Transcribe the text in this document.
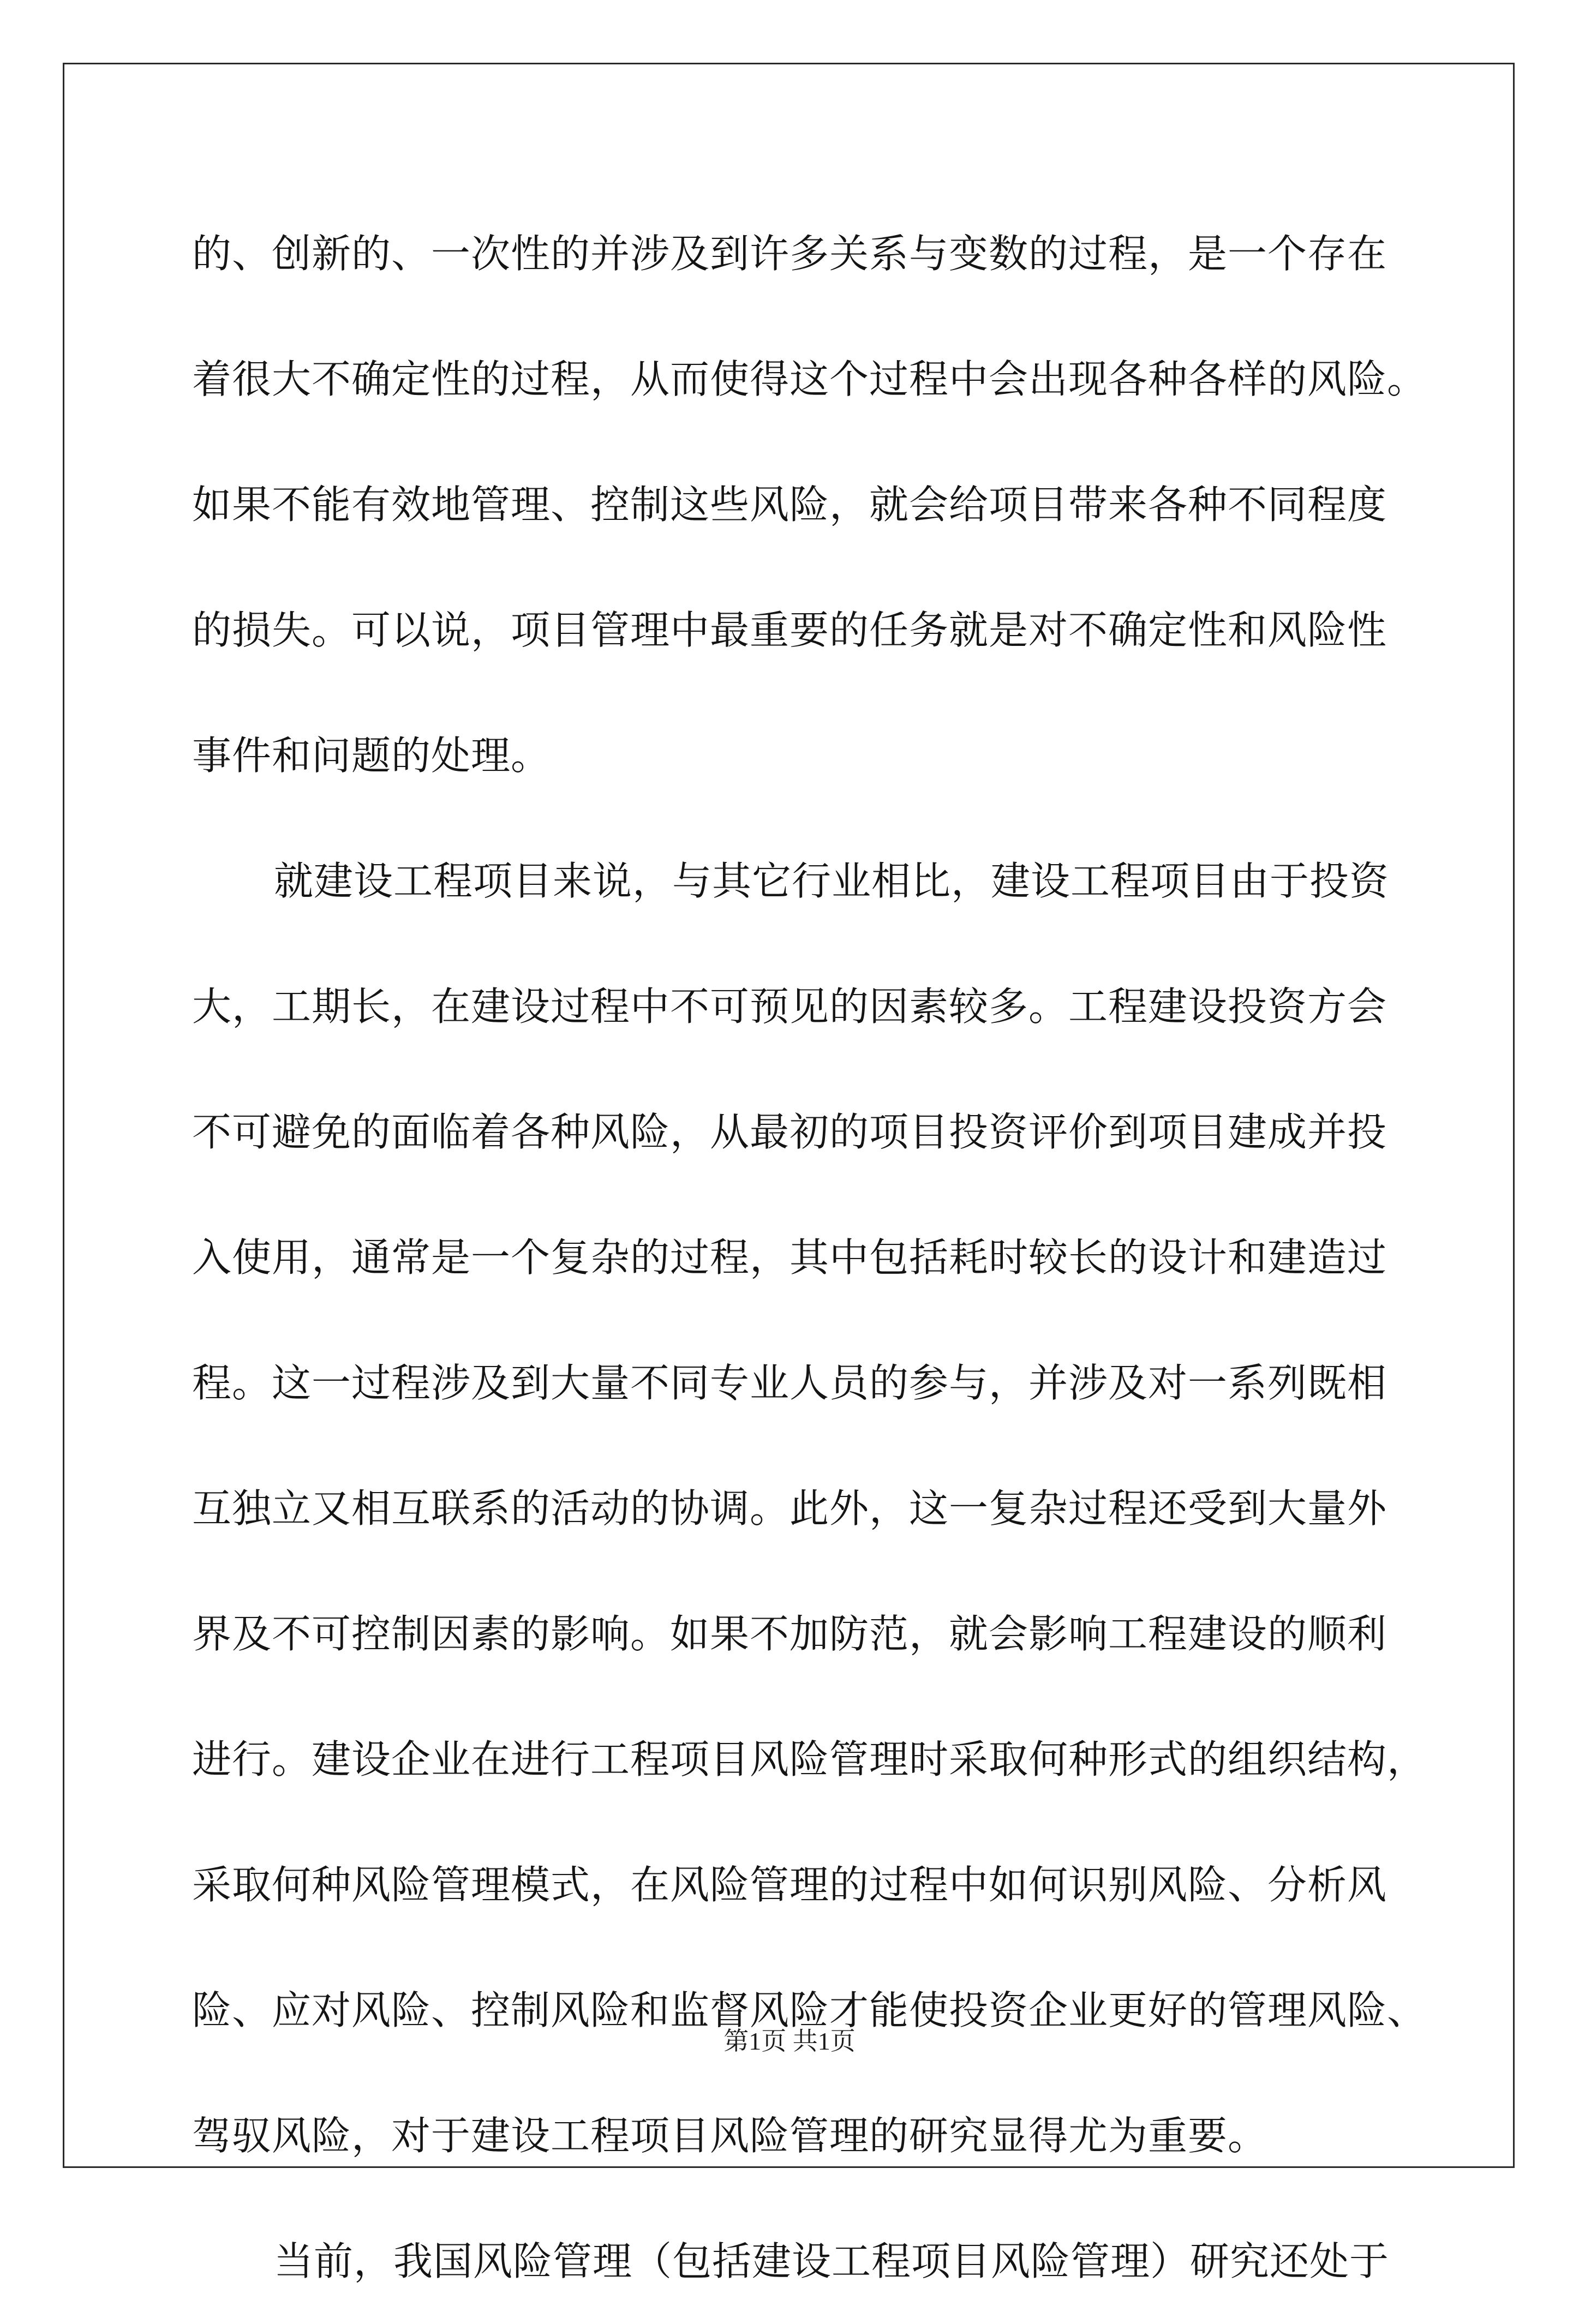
的、创新的、一次性的并涉及到许多关系与变数的过程，是一个存在
着很大不确定性的过程，从而使得这个过程中会出现各种各样的风险。
如果不能有效地管理、控制这些风险，就会给项目带来各种不同程度
的损失。可以说，项目管理中最重要的任务就是对不确定性和风险性
事件和问题的处理。
就建设工程项目来说，与其它行业相比，建设工程项目由于投资
大，工期长，在建设过程中不可预见的因素较多。工程建设投资方会
不可避免的面临着各种风险，从最初的项目投资评价到项目建成并投
入使用，通常是一个复杂的过程，其中包括耗时较长的设计和建造过
程。这一过程涉及到大量不同专业人员的参与，并涉及对一系列既相
互独立又相互联系的活动的协调。此外，这一复杂过程还受到大量外
界及不可控制因素的影响。如果不加防范，就会影响工程建设的顺利
进行。建设企业在进行工程项目风险管理时采取何种形式的组织结构，
采取何种风险管理模式，在风险管理的过程中如何识别风险、分析风
险、应对风险、控制风险和监督风险才能使投资企业更好的管理风险、
驾驭风险，对于建设工程项目风险管理的研究显得尤为重要。
当前，我国风险管理（包括建设工程项目风险管理）研究还处于
第1页 共1页
